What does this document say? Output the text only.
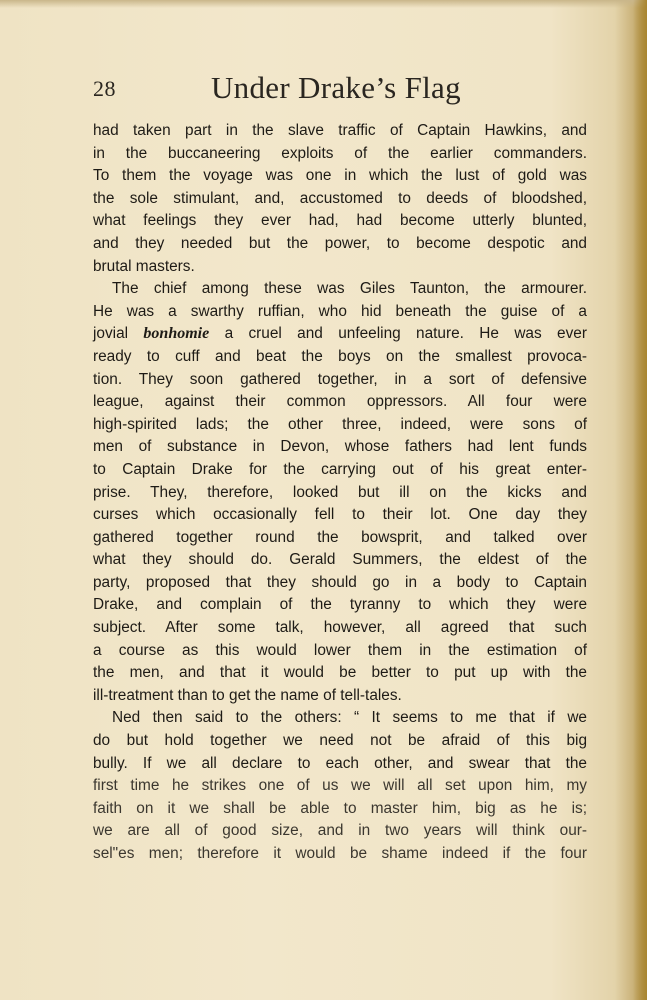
28	Under Drake’s Flag
had taken part in the slave traffic of Captain Hawkins, and
in the buccaneering exploits of the earlier commanders.
To them the voyage was one in which the lust of gold was
the sole stimulant, and, accustomed to deeds of bloodshed,
what feelings they ever had, had become utterly blunted,
and they needed but the power, to become despotic and
brutal masters.
The chief among these was Giles Taunton, the armourer.
He was a swarthy ruffian, who hid beneath the guise of a
jovial bonhomie a cruel and unfeeling nature. He was ever
ready to cuff and beat the boys on the smallest provoca-
tion. They soon gathered together, in a sort of defensive
league, against their common oppressors. All four were
high-spirited lads; the other three, indeed, were sons of
men of substance in Devon, whose fathers had lent funds
to Captain Drake for the carrying out of his great enter-
prise. They, therefore, looked but ill on the kicks and
curses which occasionally fell to their lot. One day they
gathered together round the bowsprit, and talked over
what they should do. Gerald Summers, the eldest of the
party, proposed that they should go in a body to Captain
Drake, and complain of the tyranny to which they were
subject. After some talk, however, all agreed that such
a course as this would lower them in the estimation of
the men, and that it would be better to put up with the
ill-treatment than to get the name of tell-tales.
Ned then said to the others: “ It seems to me that if we
do but hold together we need not be afraid of this big
bully. If we all declare to each other, and swear that the
first time he strikes one of us we will all set upon him, my
faith on it we shall be able to master him, big as he is;
we are all of good size, and in two years will think our-
sel"es men; therefore it would be shame indeed if the four
